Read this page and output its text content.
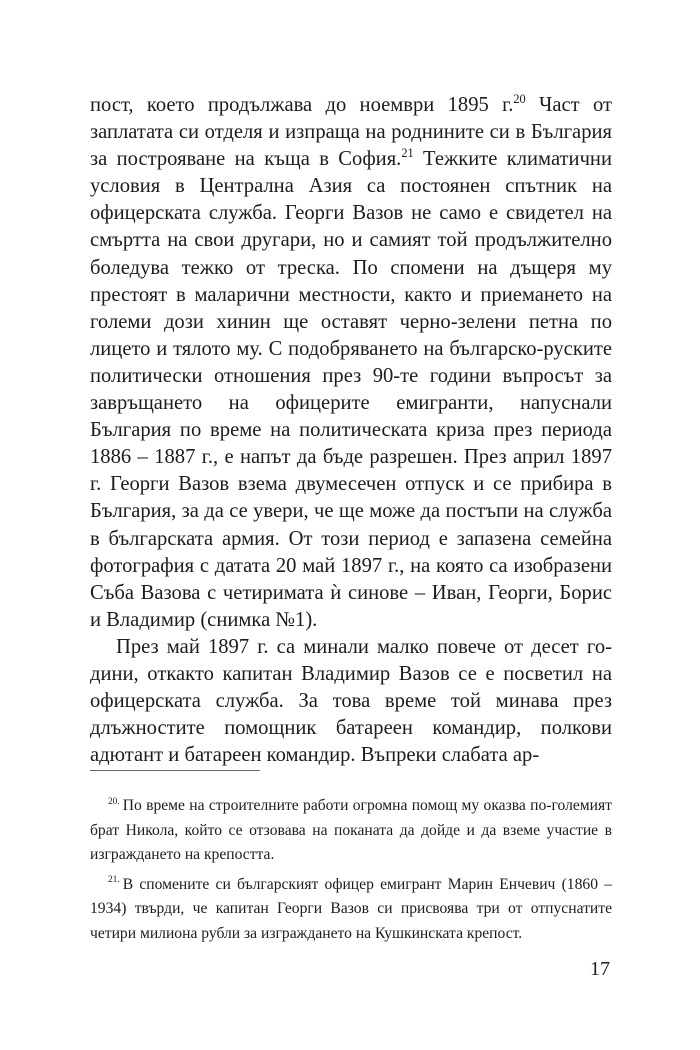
пост, което продължава до ноември 1895 г.$^{20}$ Част от заплатата си отделя и изпраща на роднините си в България за построяване на къща в София.$^{21}$ Тежките климатични условия в Централна Азия са постоянен спътник на офицерската служба. Георги Вазов не само е свидетел на смъртта на свои другари, но и самият той продължително боледува тежко от треска. По спомени на дъщеря му престоят в маларични местности, както и приемането на големи дози хинин ще оставят черно-зелени петна по лицето и тялото му. С подобряването на българско-руските политически отношения през 90-те години въпросът за завръщането на офицерите емигранти, напуснали България по време на политическата криза през периода 1886 – 1887 г., е напът да бъде разрешен. През април 1897 г. Георги Вазов взема двумесечен отпуск и се прибира в България, за да се увери, че ще може да постъпи на служба в българската армия. От този период е запазена семейна фотография с датата 20 май 1897 г., на която са изобразени Съба Вазова с четиримата ѝ синове – Иван, Георги, Борис и Владимир (снимка №1).

През май 1897 г. са минали малко повече от десет години, откакто капитан Владимир Вазов се е посветил на офицерската служба. За това време той минава през длъжностите помощник батареен командир, полкови адютант и батареен командир. Въпреки слабата ар-

$^{20.}$ По време на строителните работи огромна помощ му оказва по-големият брат Никола, който се отзовава на поканата да дойде и да вземе участие в изграждането на крепостта.

$^{21.}$ В спомените си българският офицер емигрант Марин Енчевич (1860 – 1934) твърди, че капитан Георги Вазов си присвоява три от отпуснатите четири милиона рубли за изграждането на Кушкинската крепост.

17
